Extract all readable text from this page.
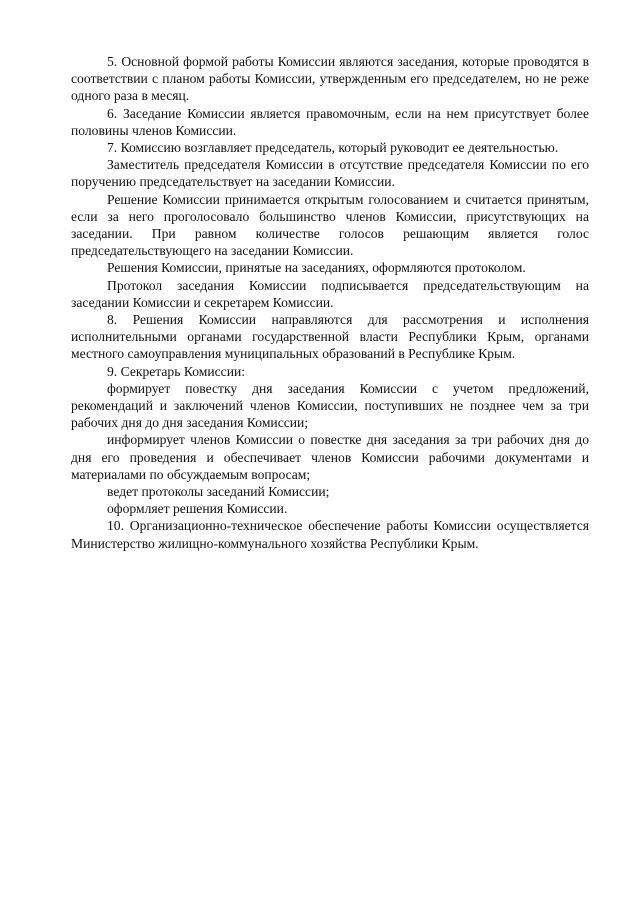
5. Основной формой работы Комиссии являются заседания, которые проводятся в соответствии с планом работы Комиссии, утвержденным его председателем, но не реже одного раза в месяц.

6. Заседание Комиссии является правомочным, если на нем присутствует более половины членов Комиссии.

7. Комиссию возглавляет председатель, который руководит ее деятельностью.

Заместитель председателя Комиссии в отсутствие председателя Комиссии по его поручению председательствует на заседании Комиссии.

Решение Комиссии принимается открытым голосованием и считается принятым, если за него проголосовало большинство членов Комиссии, присутствующих на заседании. При равном количестве голосов решающим является голос председательствующего на заседании Комиссии.

Решения Комиссии, принятые на заседаниях, оформляются протоколом.

Протокол заседания Комиссии подписывается председательствующим на заседании Комиссии и секретарем Комиссии.

8. Решения Комиссии направляются для рассмотрения и исполнения исполнительными органами государственной власти Республики Крым, органами местного самоуправления муниципальных образований в Республике Крым.

9. Секретарь Комиссии:

формирует повестку дня заседания Комиссии с учетом предложений, рекомендаций и заключений членов Комиссии, поступивших не позднее чем за три рабочих дня до дня заседания Комиссии;

информирует членов Комиссии о повестке дня заседания за три рабочих дня до дня его проведения и обеспечивает членов Комиссии рабочими документами и материалами по обсуждаемым вопросам;

ведет протоколы заседаний Комиссии;

оформляет решения Комиссии.

10. Организационно-техническое обеспечение работы Комиссии осуществляется Министерство жилищно-коммунального хозяйства Республики Крым.
